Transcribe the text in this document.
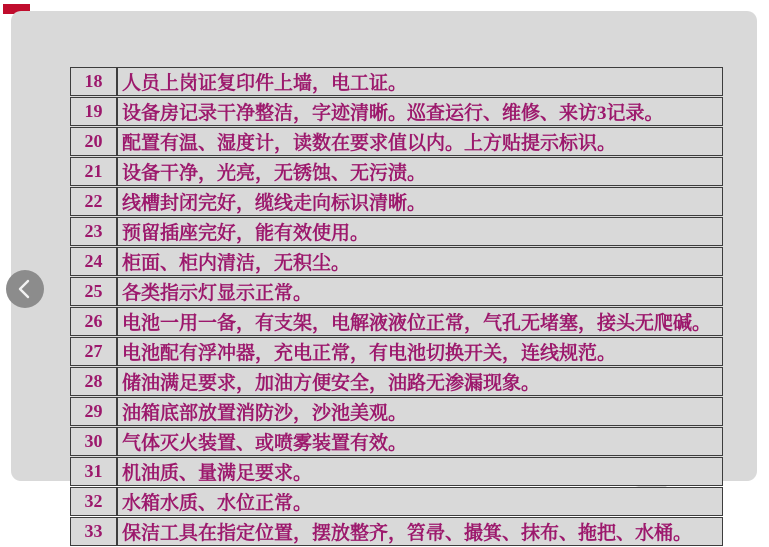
18	人员上岗证复印件上墙，电工证。
19	设备房记录干净整洁，字迹清晰。巡查运行、维修、来访3记录。
20	配置有温、湿度计，读数在要求值以内。上方贴提示标识。
21	设备干净，光亮，无锈蚀、无污渍。
22	线槽封闭完好，缆线走向标识清晰。
23	预留插座完好，能有效使用。
24	柜面、柜内清洁，无积尘。
25	各类指示灯显示正常。
26	电池一用一备，有支架，电解液液位正常，气孔无堵塞，接头无爬碱。
27	电池配有浮冲器，充电正常，有电池切换开关，连线规范。
28	储油满足要求，加油方便安全，油路无渗漏现象。
29	油箱底部放置消防沙，沙池美观。
30	气体灭火装置、或喷雾装置有效。
31	机油质、量满足要求。
32	水箱水质、水位正常。
33	保洁工具在指定位置，摆放整齐，笤帚、撮箕、抹布、拖把、水桶。
